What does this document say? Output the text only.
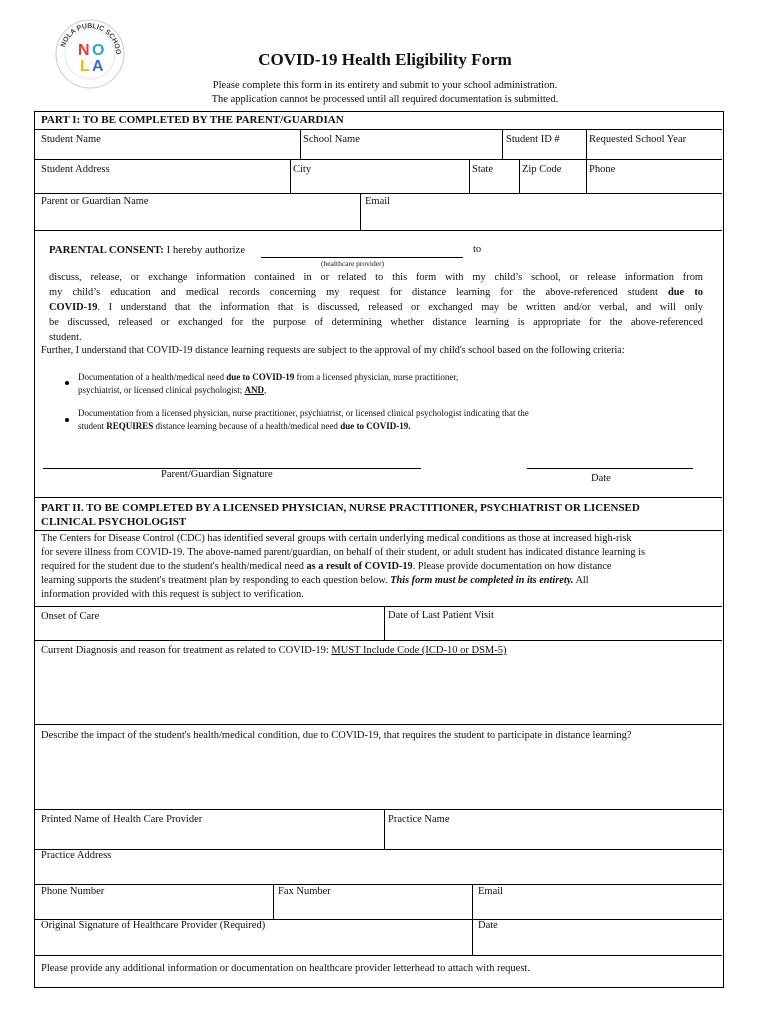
NOLA PUBLIC SCHOO
N O
L A	COVID-19 Health Eligibility Form
Please complete this form in its entirety and submit to your school administration.
The application cannot be processed until all required documentation is submitted.
PART I: TO BE COMPLETED BY THE PARENT/GUARDIAN
Student Name	School Name	Student ID #	Requested School Year
Student Address	City	State	Zip Code	Phone
Parent or Guardian Name	Email
PARENTAL CONSENT: I hereby authorize	to
(healthcare provider)
discuss, release, or exchange information contained in or related to this form with my child’s school, or release information from
my child’s education and medical records concerning my request for distance learning for the above-referenced student due to
COVID-19. I understand that the information that is discussed, released or exchanged may be written and/or verbal, and will only
be discussed, released or exchanged for the purpose of determining whether distance learning is appropriate for the above-referenced
student.
Further, I understand that COVID-19 distance learning requests are subject to the approval of my child's school based on the following criteria:
Documentation of a health/medical need due to COVID-19 from a licensed physician, nurse practitioner,
psychiatrist, or licensed clinical psychologist; AND,
Documentation from a licensed physician, nurse practitioner, psychiatrist, or licensed clinical psychologist indicating that the
student REQUIRES distance learning because of a health/medical need due to COVID-19.
Parent/Guardian Signature	Date
PART II. TO BE COMPLETED BY A LICENSED PHYSICIAN, NURSE PRACTITIONER, PSYCHIATRIST OR LICENSED
CLINICAL PSYCHOLOGIST
The Centers for Disease Control (CDC) has identified several groups with certain underlying medical conditions as those at increased high-risk
for severe illness from COVID-19. The above-named parent/guardian, on behalf of their student, or adult student has indicated distance learning is
required for the student due to the student's health/medical need as a result of COVID-19. Please provide documentation on how distance
learning supports the student's treatment plan by responding to each question below. This form must be completed in its entirety. All
information provided with this request is subject to verification.
Onset of Care	Date of Last Patient Visit
Current Diagnosis and reason for treatment as related to COVID-19: MUST Include Code (ICD-10 or DSM-5)
Describe the impact of the student's health/medical condition, due to COVID-19, that requires the student to participate in distance learning?
Printed Name of Health Care Provider	Practice Name
Practice Address
Phone Number	Fax Number	Email
Original Signature of Healthcare Provider (Required)	Date
Please provide any additional information or documentation on healthcare provider letterhead to attach with request.
